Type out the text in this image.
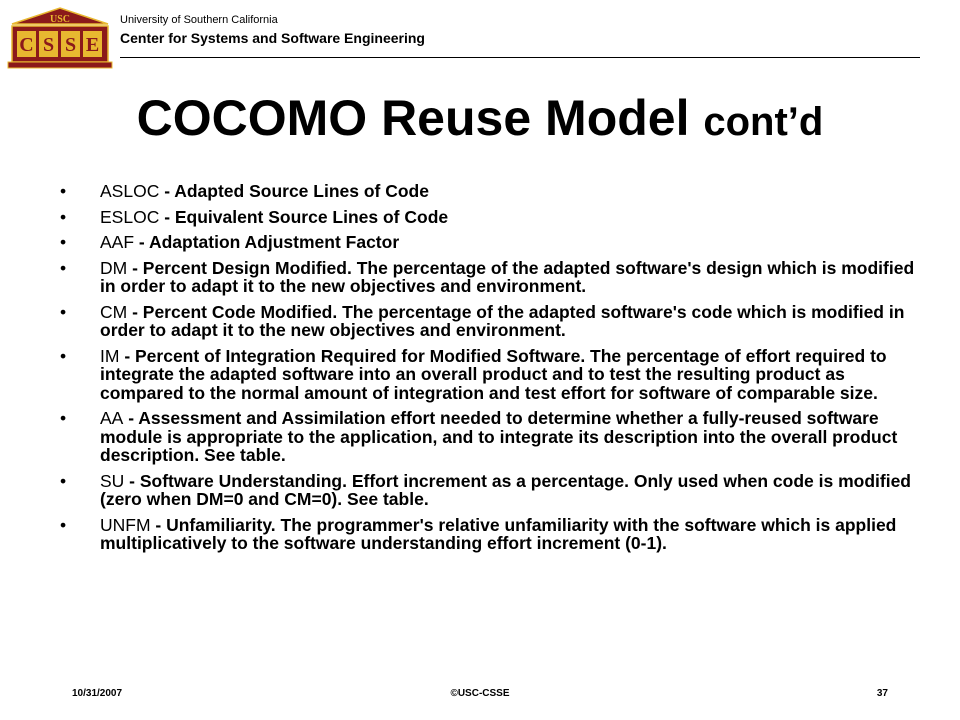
USC
C S S E
University of Southern California
Center for Systems and Software Engineering
COCOMO Reuse Model cont’d
• ASLOC - Adapted Source Lines of Code
• ESLOC - Equivalent Source Lines of Code
• AAF - Adaptation Adjustment Factor
• DM - Percent Design Modified. The percentage of the adapted software's design which is modified in order to adapt it to the new objectives and environment.
• CM - Percent Code Modified. The percentage of the adapted software's code which is modified in order to adapt it to the new objectives and environment.
• IM - Percent of Integration Required for Modified Software. The percentage of effort required to integrate the adapted software into an overall product and to test the resulting product as compared to the normal amount of integration and test effort for software of comparable size.
• AA - Assessment and Assimilation effort needed to determine whether a fully-reused software module is appropriate to the application, and to integrate its description into the overall product description. See table.
• SU - Software Understanding. Effort increment as a percentage. Only used when code is modified (zero when DM=0 and CM=0). See table.
• UNFM - Unfamiliarity. The programmer's relative unfamiliarity with the software which is applied multiplicatively to the software understanding effort increment (0-1).
10/31/2007	©USC-CSSE	37
